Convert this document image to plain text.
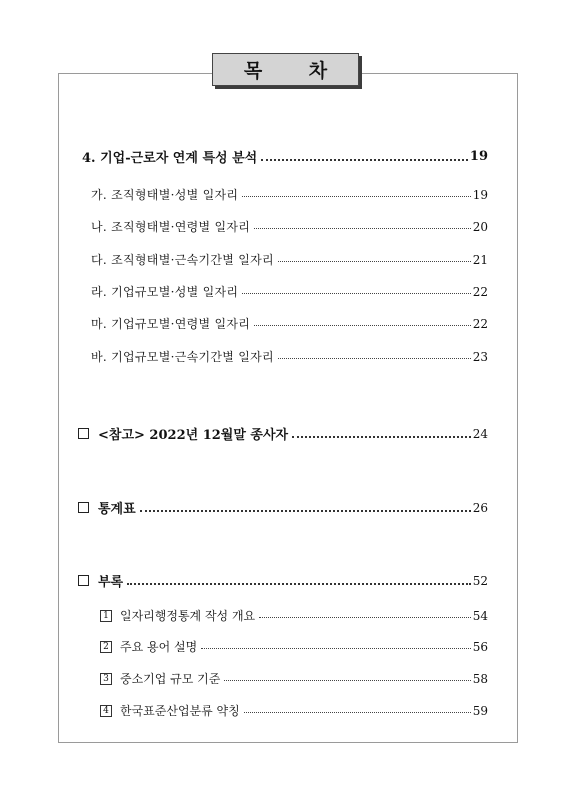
목 차
4. 기업-근로자 연계 특성 분석	19
가. 조직형태별·성별 일자리	19
나. 조직형태별·연령별 일자리	20
다. 조직형태별·근속기간별 일자리	21
라. 기업규모별·성별 일자리	22
마. 기업규모별·연령별 일자리	22
바. 기업규모별·근속기간별 일자리	23
<참고> 2022년 12월말 종사자	24
통계표	26
부록	52
1 일자리행정통계 작성 개요	54
2 주요 용어 설명	56
3 중소기업 규모 기준	58
4 한국표준산업분류 약칭	59
